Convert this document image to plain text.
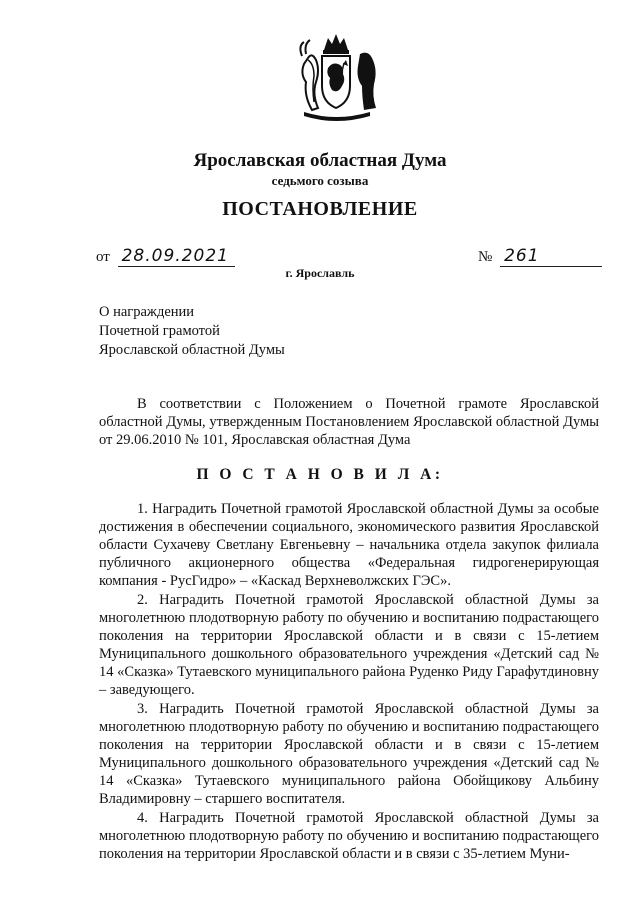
Ярославская областная Дума
седьмого созыва
ПОСТАНОВЛЕНИЕ
от 28.09.2021	№ 261
г. Ярославль
О награждении
Почетной грамотой
Ярославской областной Думы

В соответствии с Положением о Почетной грамоте Ярославской областной Думы, утвержденным Постановлением Ярославской областной Думы от 29.06.2010 № 101, Ярославская областная Дума

П О С Т А Н О В И Л А:

1. Наградить Почетной грамотой Ярославской областной Думы за особые достижения в обеспечении социального, экономического развития Ярославской области Сухачеву Светлану Евгеньевну – начальника отдела закупок филиала публичного акционерного общества «Федеральная гидрогенерирующая компания - РусГидро» – «Каскад Верхневолжских ГЭС».

2. Наградить Почетной грамотой Ярославской областной Думы за многолетнюю плодотворную работу по обучению и воспитанию подрастающего поколения на территории Ярославской области и в связи с 15-летием Муниципального дошкольного образовательного учреждения «Детский сад № 14 «Сказка» Тутаевского муниципального района Руденко Риду Гарафутдиновну – заведующего.

3. Наградить Почетной грамотой Ярославской областной Думы за многолетнюю плодотворную работу по обучению и воспитанию подрастающего поколения на территории Ярославской области и в связи с 15-летием Муниципального дошкольного образовательного учреждения «Детский сад № 14 «Сказка» Тутаевского муниципального района Обойщикову Альбину Владимировну – старшего воспитателя.

4. Наградить Почетной грамотой Ярославской областной Думы за многолетнюю плодотворную работу по обучению и воспитанию подрастающего поколения на территории Ярославской области и в связи с 35-летием Муни-
